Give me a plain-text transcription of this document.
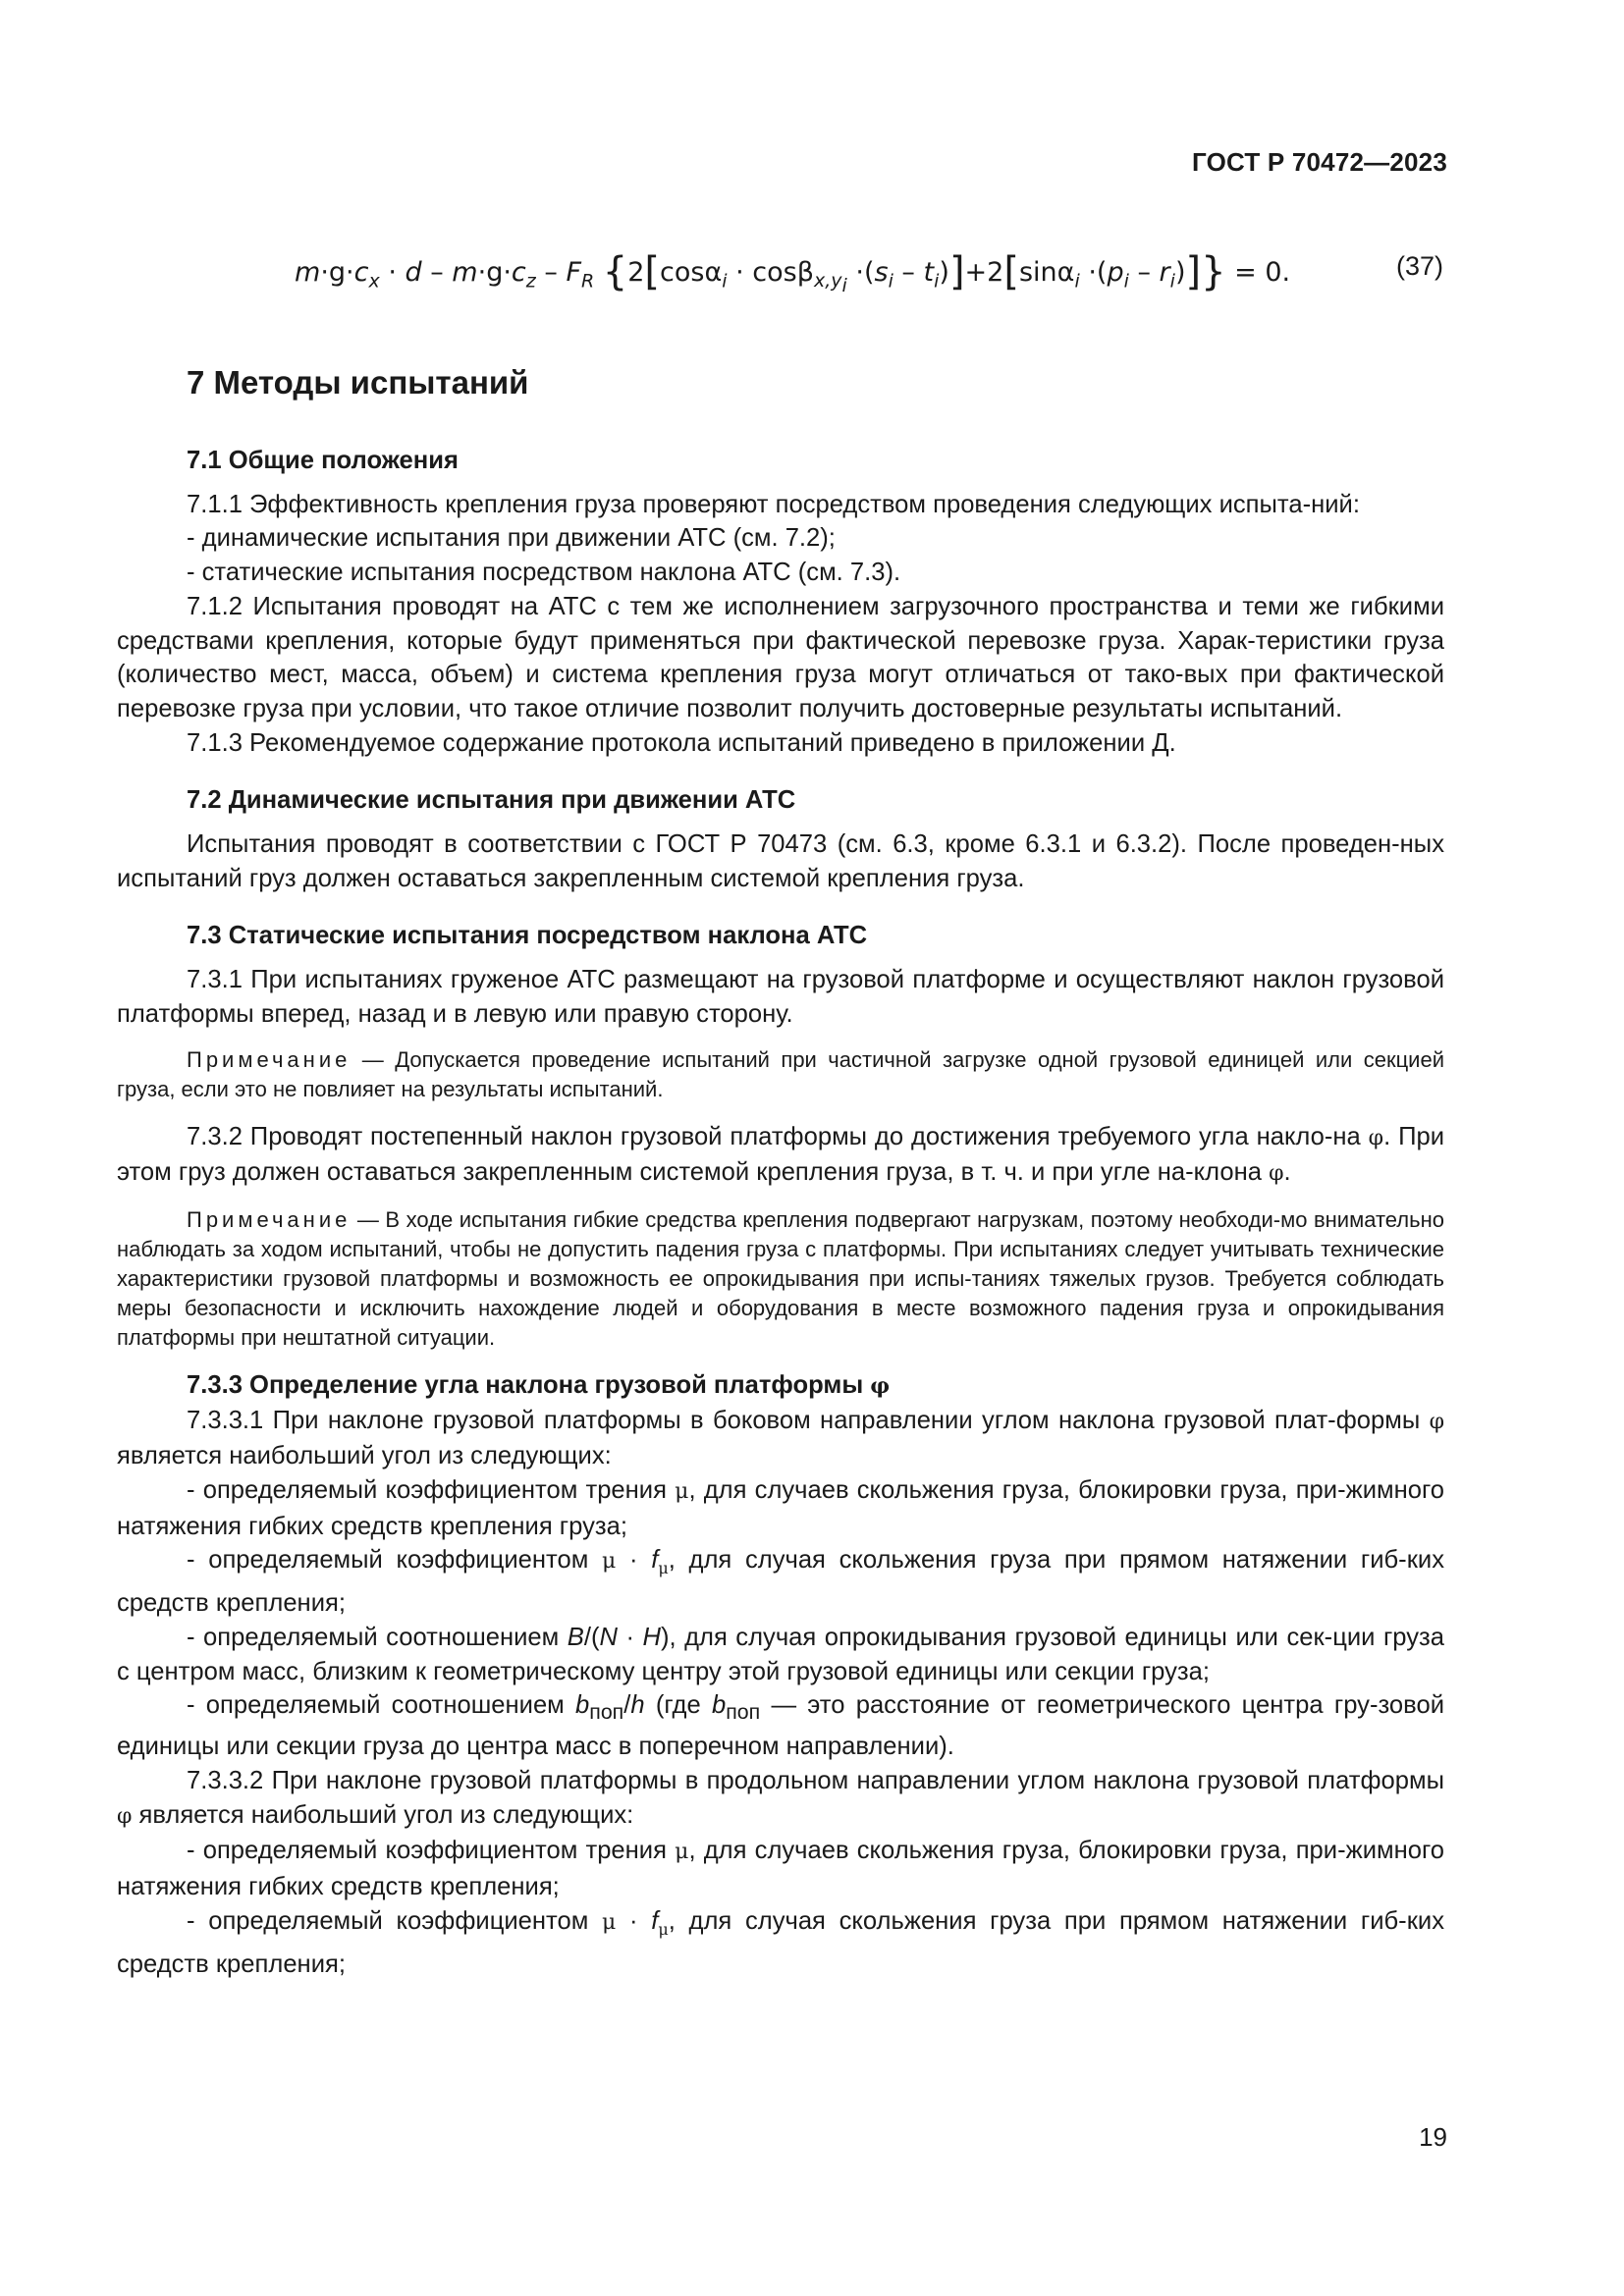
ГОСТ Р 70472—2023
$m\cdot g\cdot c_x \cdot d - m\cdot g\cdot c_z - F_R$ $\{2[\cos\alpha_i \cdot \cos\beta_{x,y_i} \cdot(s_i - t_i)]+2[\sin\alpha_i \cdot(p_i - r_i)]\} = 0$.	(37)

7 Методы испытаний

7.1 Общие положения

7.1.1 Эффективность крепления груза проверяют посредством проведения следующих испыта-ний:

- динамические испытания при движении АТС (см. 7.2);

- статические испытания посредством наклона АТС (см. 7.3).

7.1.2 Испытания проводят на АТС с тем же исполнением загрузочного пространства и теми же гибкими средствами крепления, которые будут применяться при фактической перевозке груза. Харак-теристики груза (количество мест, масса, объем) и система крепления груза могут отличаться от тако-вых при фактической перевозке груза при условии, что такое отличие позволит получить достоверные результаты испытаний.

7.1.3 Рекомендуемое содержание протокола испытаний приведено в приложении Д.

7.2 Динамические испытания при движении АТС

Испытания проводят в соответствии с ГОСТ Р 70473 (см. 6.3, кроме 6.3.1 и 6.3.2). После проведен-ных испытаний груз должен оставаться закрепленным системой крепления груза.

7.3 Статические испытания посредством наклона АТС

7.3.1 При испытаниях груженое АТС размещают на грузовой платформе и осуществляют наклон грузовой платформы вперед, назад и в левую или правую сторону.

Примечание — Допускается проведение испытаний при частичной загрузке одной грузовой единицей или секцией груза, если это не повлияет на результаты испытаний.

7.3.2 Проводят постепенный наклон грузовой платформы до достижения требуемого угла накло-на φ. При этом груз должен оставаться закрепленным системой крепления груза, в т. ч. и при угле на-клона φ.

Примечание — В ходе испытания гибкие средства крепления подвергают нагрузкам, поэтому необходи-мо внимательно наблюдать за ходом испытаний, чтобы не допустить падения груза с платформы. При испытаниях следует учитывать технические характеристики грузовой платформы и возможность ее опрокидывания при испы-таниях тяжелых грузов. Требуется соблюдать меры безопасности и исключить нахождение людей и оборудования в месте возможного падения груза и опрокидывания платформы при нештатной ситуации.

7.3.3 Определение угла наклона грузовой платформы φ

7.3.3.1 При наклоне грузовой платформы в боковом направлении углом наклона грузовой плат-формы φ является наибольший угол из следующих:

- определяемый коэффициентом трения μ, для случаев скольжения груза, блокировки груза, при-жимного натяжения гибких средств крепления груза;

- определяемый коэффициентом $\mu \cdot f_\mu$, для случая скольжения груза при прямом натяжении гиб-ких средств крепления;

- определяемый соотношением B/(N · H), для случая опрокидывания грузовой единицы или сек-ции груза с центром масс, близким к геометрическому центру этой грузовой единицы или секции груза;

- определяемый соотношением $b_{поп}/h$ (где $b_{поп}$ — это расстояние от геометрического центра гру-зовой единицы или секции груза до центра масс в поперечном направлении).

7.3.3.2 При наклоне грузовой платформы в продольном направлении углом наклона грузовой платформы φ является наибольший угол из следующих:

- определяемый коэффициентом трения μ, для случаев скольжения груза, блокировки груза, при-жимного натяжения гибких средств крепления;

- определяемый коэффициентом $\mu \cdot f_\mu$, для случая скольжения груза при прямом натяжении гиб-ких средств крепления;

19
